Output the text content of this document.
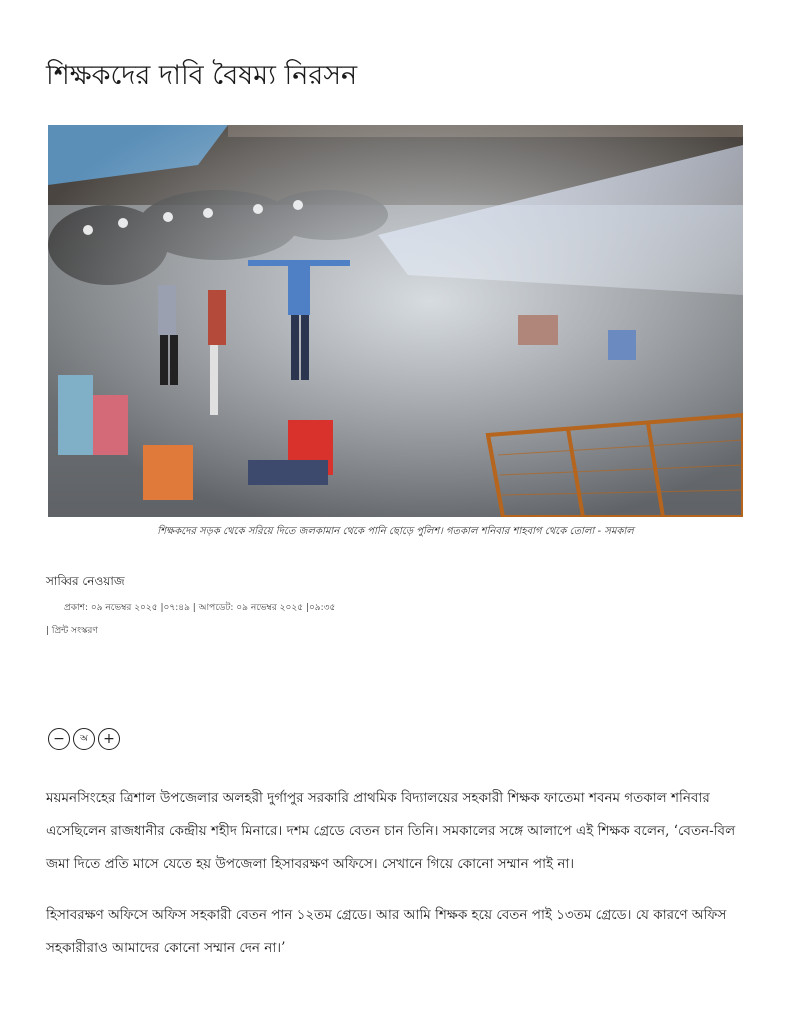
শিক্ষকদের দাবি বৈষম্য নিরসন
শিক্ষকদের সড়ক থেকে সরিয়ে দিতে জলকামান থেকে পানি ছোড়ে পুলিশ। গতকাল শনিবার শাহবাগ থেকে তোলা - সমকাল
সাব্বির নেওয়াজ
প্রকাশ: ০৯ নভেম্বর ২০২৫ |০৭:৪৯ | আপডেট: ০৯ নভেম্বর ২০২৫ |০৯:৩৫
| প্রিন্ট সংস্করণ
−	অ	+

ময়মনসিংহের ত্রিশাল উপজেলার অলহরী দুর্গাপুর সরকারি প্রাথমিক বিদ্যালয়ের সহকারী শিক্ষক ফাতেমা শবনম গতকাল শনিবার এসেছিলেন রাজধানীর কেন্দ্রীয় শহীদ মিনারে। দশম গ্রেডে বেতন চান তিনি। সমকালের সঙ্গে আলাপে এই শিক্ষক বলেন, ‘বেতন-বিল জমা দিতে প্রতি মাসে যেতে হয় উপজেলা হিসাবরক্ষণ অফিসে। সেখানে গিয়ে কোনো সম্মান পাই না।

হিসাবরক্ষণ অফিসে অফিস সহকারী বেতন পান ১২তম গ্রেডে। আর আমি শিক্ষক হয়ে বেতন পাই ১৩তম গ্রেডে। যে কারণে অফিস সহকারীরাও আমাদের কোনো সম্মান দেন না।’
